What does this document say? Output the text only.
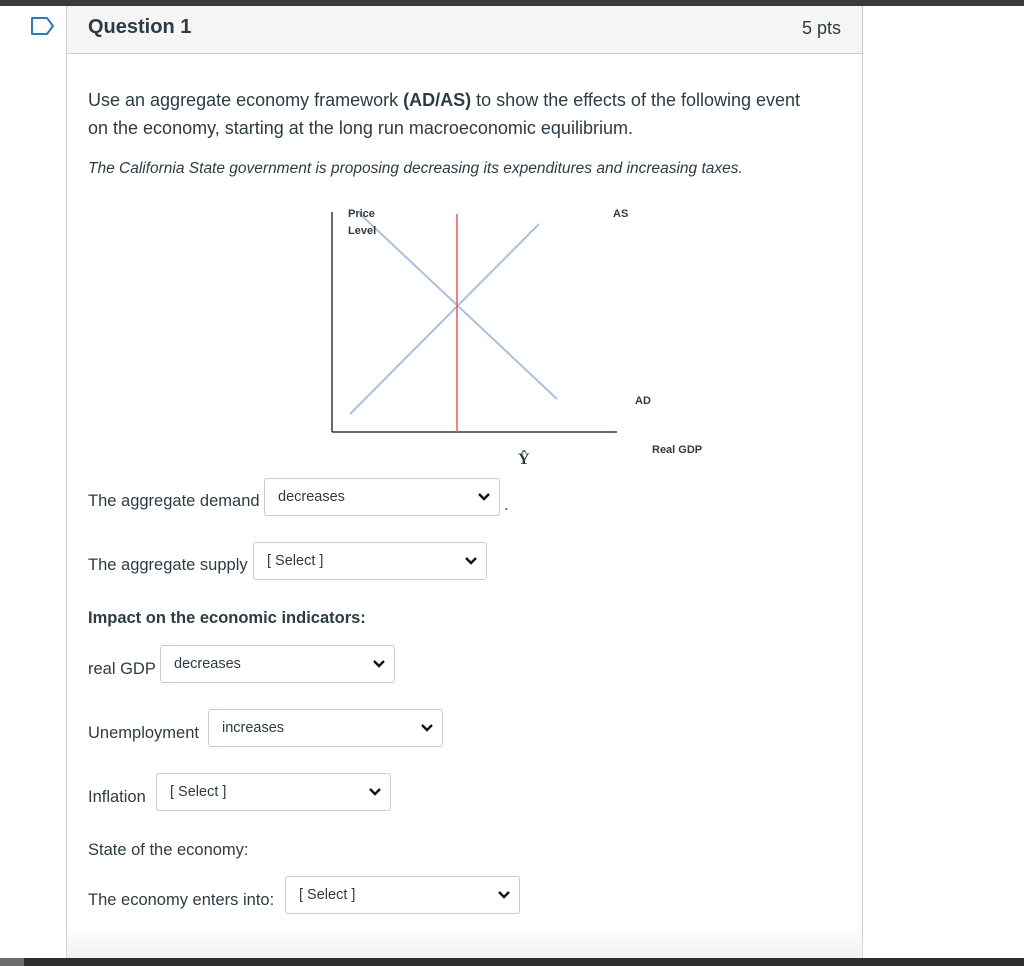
Question 1	5 pts
Use an aggregate economy framework (AD/AS) to show the effects of the following event on the economy, starting at the long run macroeconomic equilibrium.
The California State government is proposing decreasing its expenditures and increasing taxes.
Price
Level
AS
AD
Real GDP
Ŷ
The aggregate demand decreases	.
The aggregate supply [ Select ]
Impact on the economic indicators:
real GDP decreases
Unemployment increases
Inflation [ Select ]
State of the economy:
The economy enters into: [ Select ]
